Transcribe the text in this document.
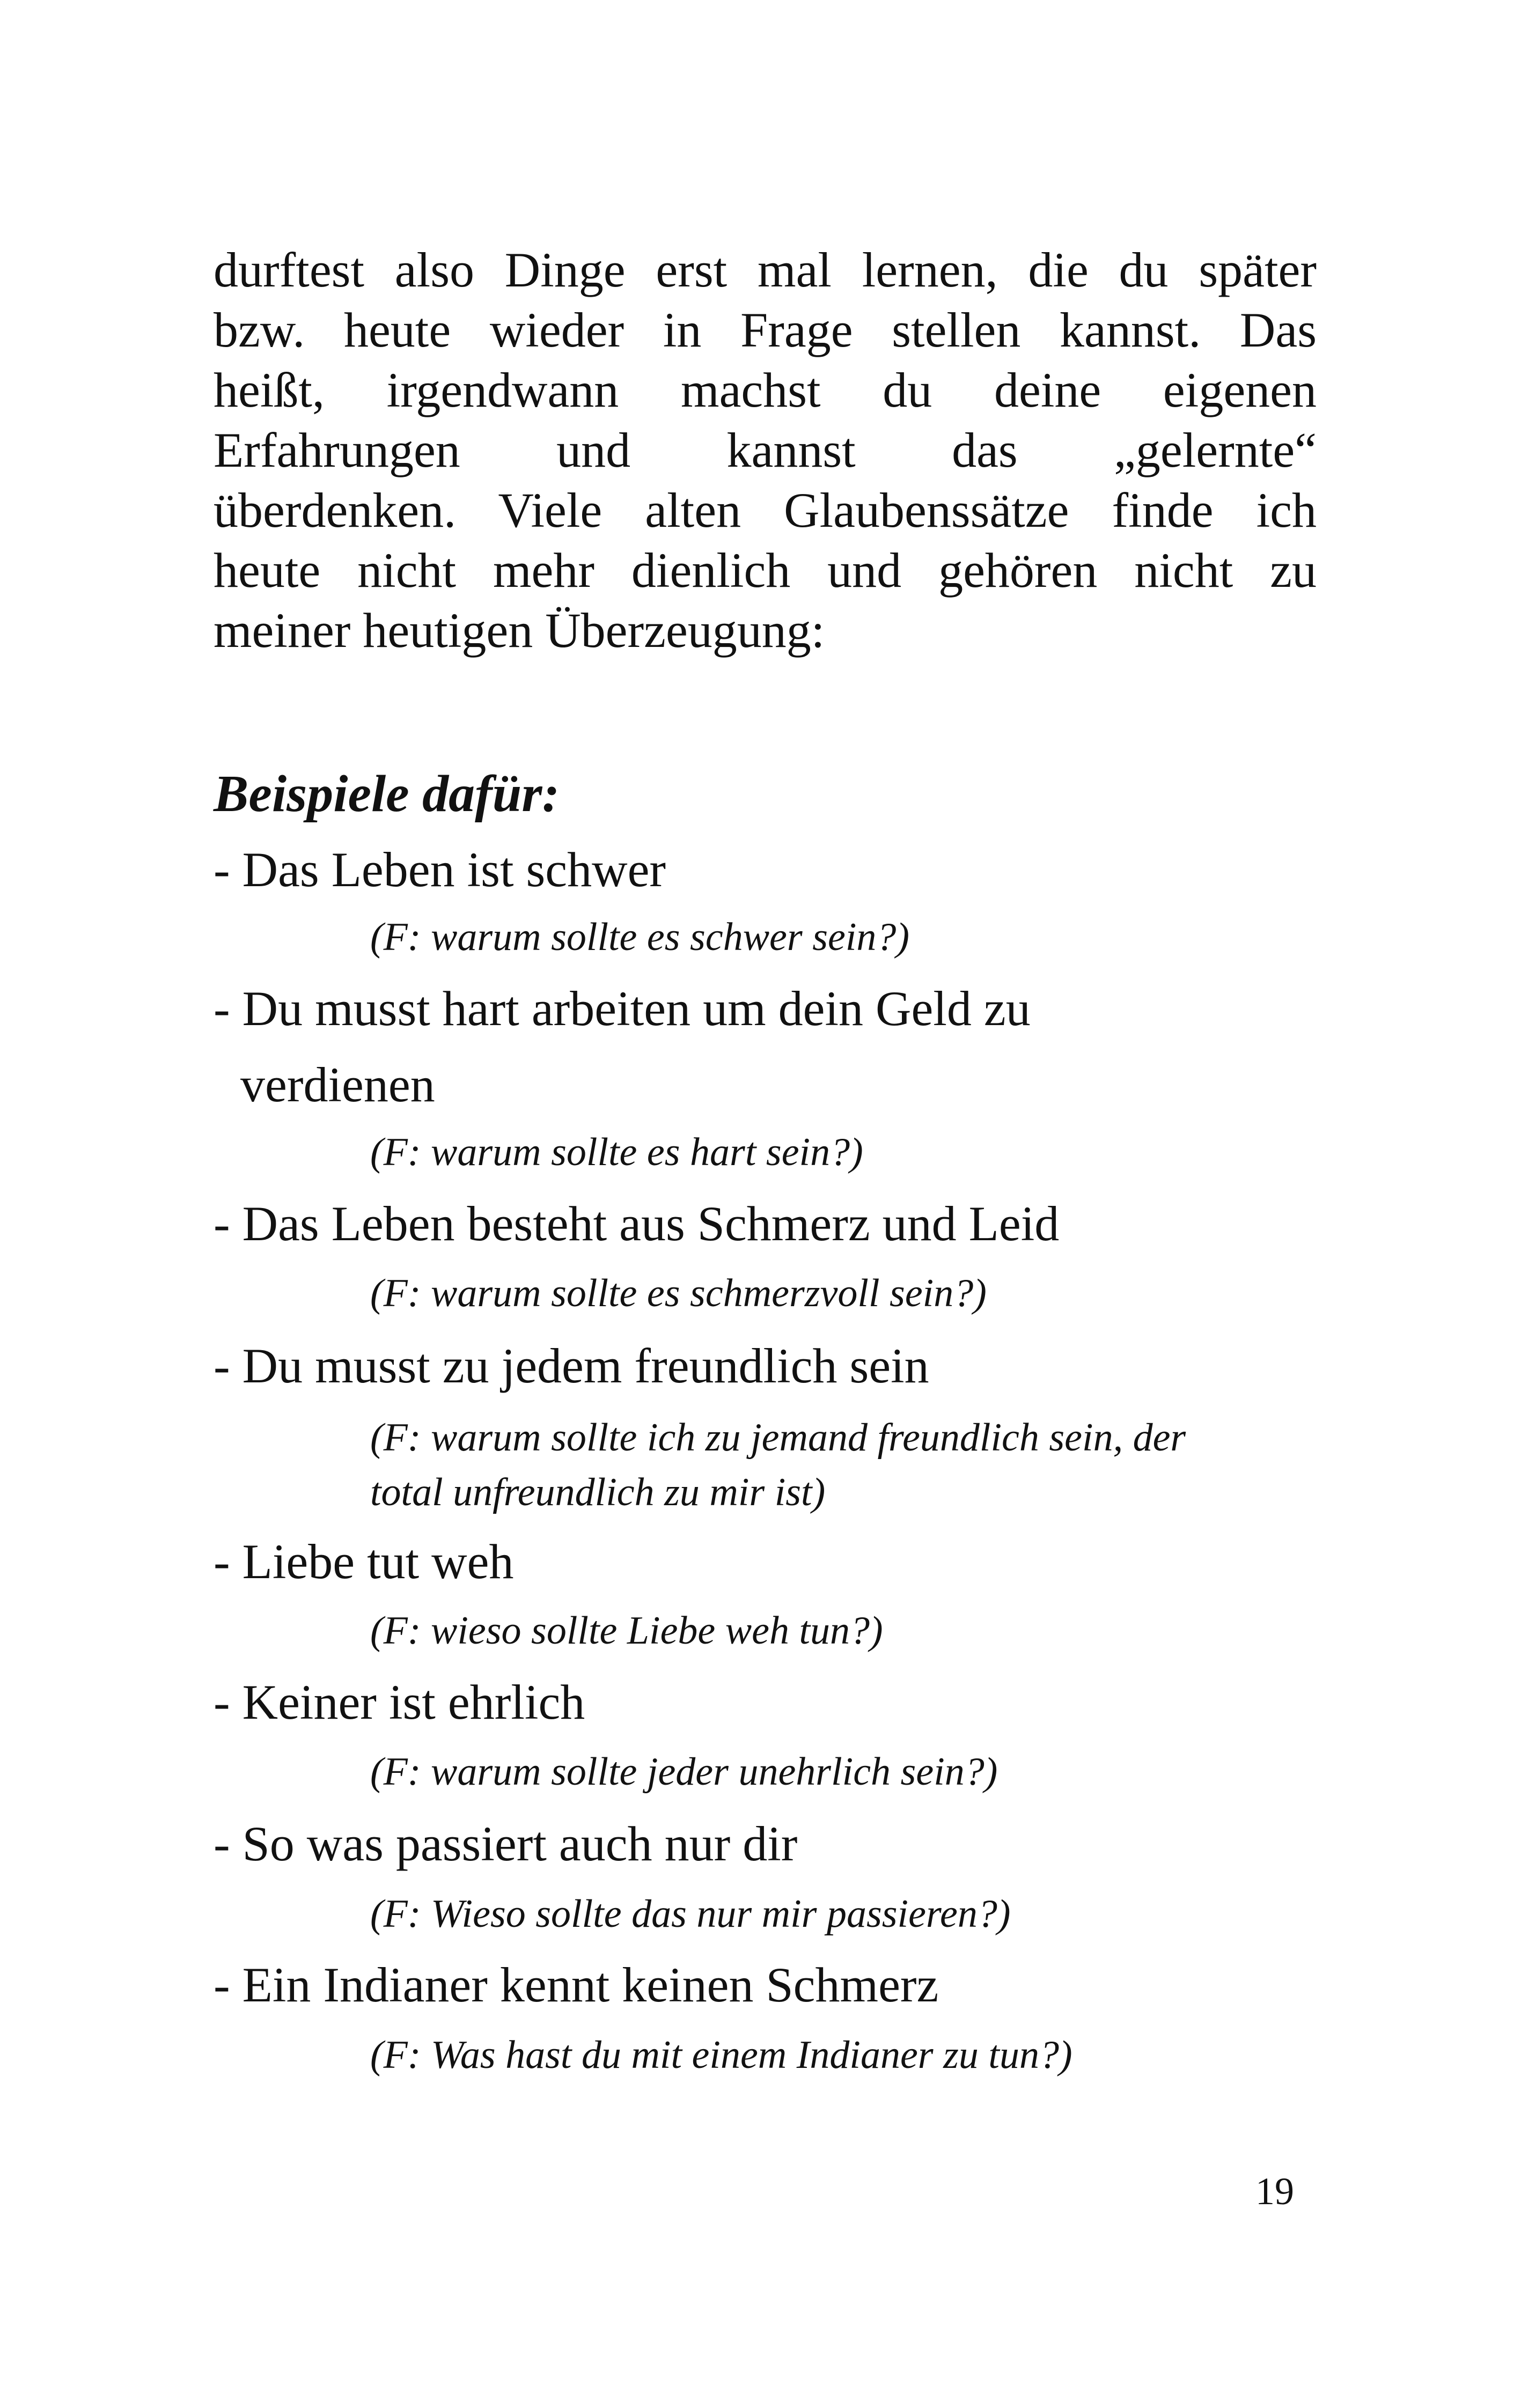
durftest also Dinge erst mal lernen, die du später
bzw. heute wieder in Frage stellen kannst. Das
heißt, irgendwann machst du deine eigenen
Erfahrungen und kannst das „gelernte“
überdenken. Viele alten Glaubenssätze finde ich
heute nicht mehr dienlich und gehören nicht zu
meiner heutigen Überzeugung:
Beispiele dafür:
- Das Leben ist schwer
(F: warum sollte es schwer sein?)
- Du musst hart arbeiten um dein Geld zu
verdienen
(F: warum sollte es hart sein?)
- Das Leben besteht aus Schmerz und Leid
(F: warum sollte es schmerzvoll sein?)
- Du musst zu jedem freundlich sein
(F: warum sollte ich zu jemand freundlich sein, der
total unfreundlich zu mir ist)
- Liebe tut weh
(F: wieso sollte Liebe weh tun?)
- Keiner ist ehrlich
(F: warum sollte jeder unehrlich sein?)
- So was passiert auch nur dir
(F: Wieso sollte das nur mir passieren?)
- Ein Indianer kennt keinen Schmerz
(F: Was hast du mit einem Indianer zu tun?)
19
